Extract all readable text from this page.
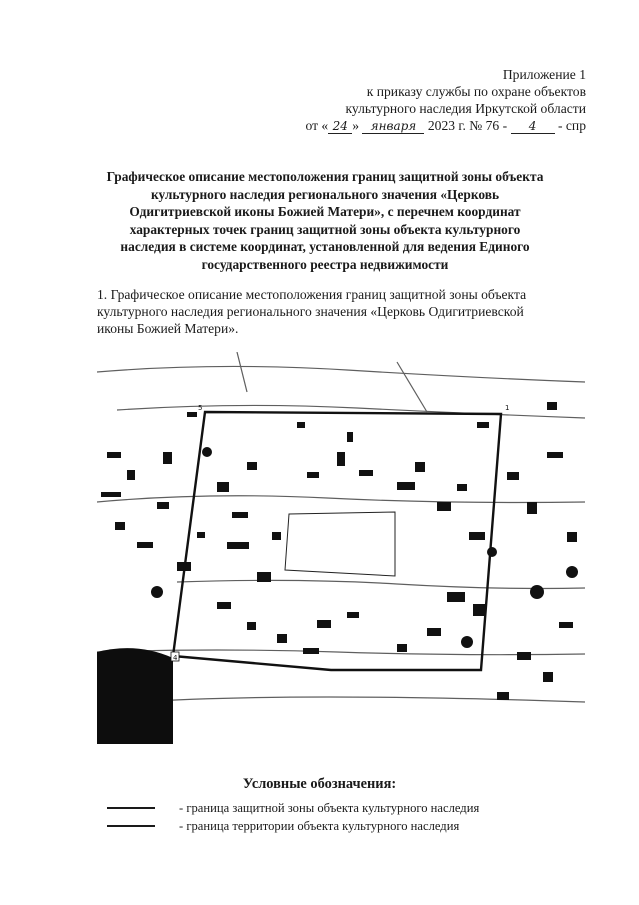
Приложение 1
к приказу службы по охране объектов
культурного наследия Иркутской области
от « 24 » января 2023 г. № 76 - 4 - спр
Графическое описание местоположения границ защитной зоны объекта
культурного наследия регионального значения «Церковь
Одигитриевской иконы Божией Матери», с перечнем координат
характерных точек границ защитной зоны объекта культурного
наследия в системе координат, установленной для ведения Единого
государственного реестра недвижимости
1. Графическое описание местоположения границ защитной зоны объекта
культурного наследия регионального значения «Церковь Одигитриевской
иконы Божией Матери».
5	1
4
Условные обозначения:
- граница защитной зоны объекта культурного наследия
- граница территории объекта культурного наследия
